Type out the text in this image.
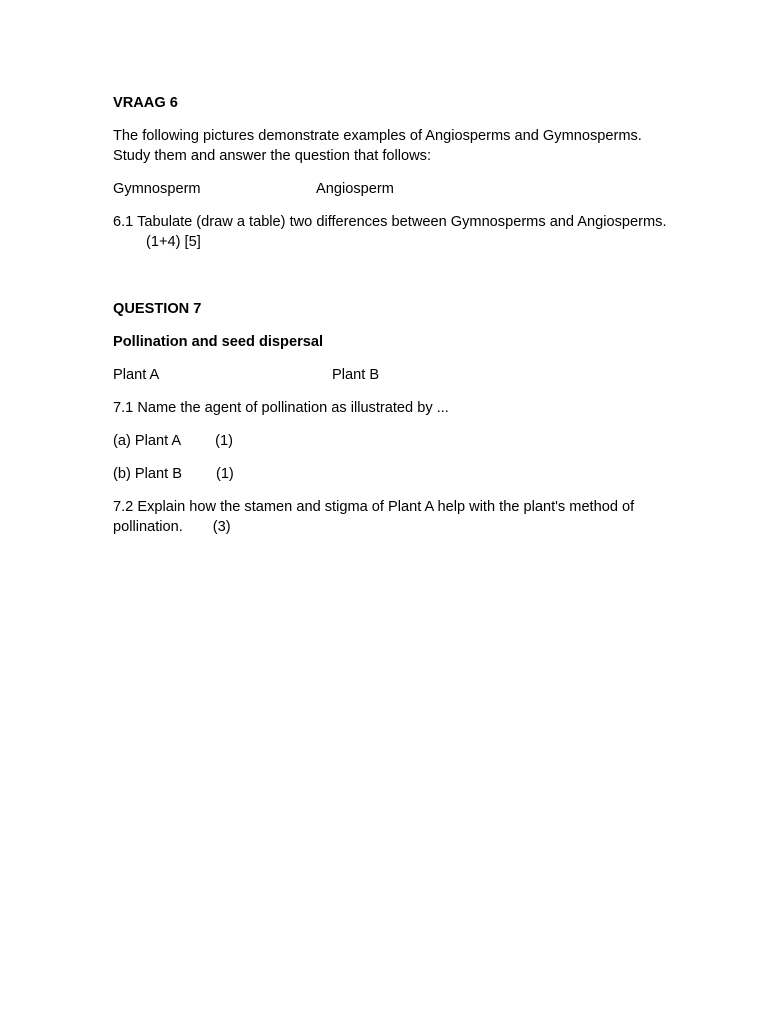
VRAAG 6
The following pictures demonstrate examples of Angiosperms and Gymnosperms. Study them and answer the question that follows:
Gymnosperm	Angiosperm
6.1 Tabulate (draw a table) two differences between Gymnosperms and Angiosperms.(1+4) [5]
QUESTION 7
Pollination and seed dispersal
Plant A	Plant B
7.1 Name the agent of pollination as illustrated by ...
(a) Plant A (1)
(b) Plant B (1)
7.2 Explain how the stamen and stigma of Plant A help with the plant's method of pollination. (3)
